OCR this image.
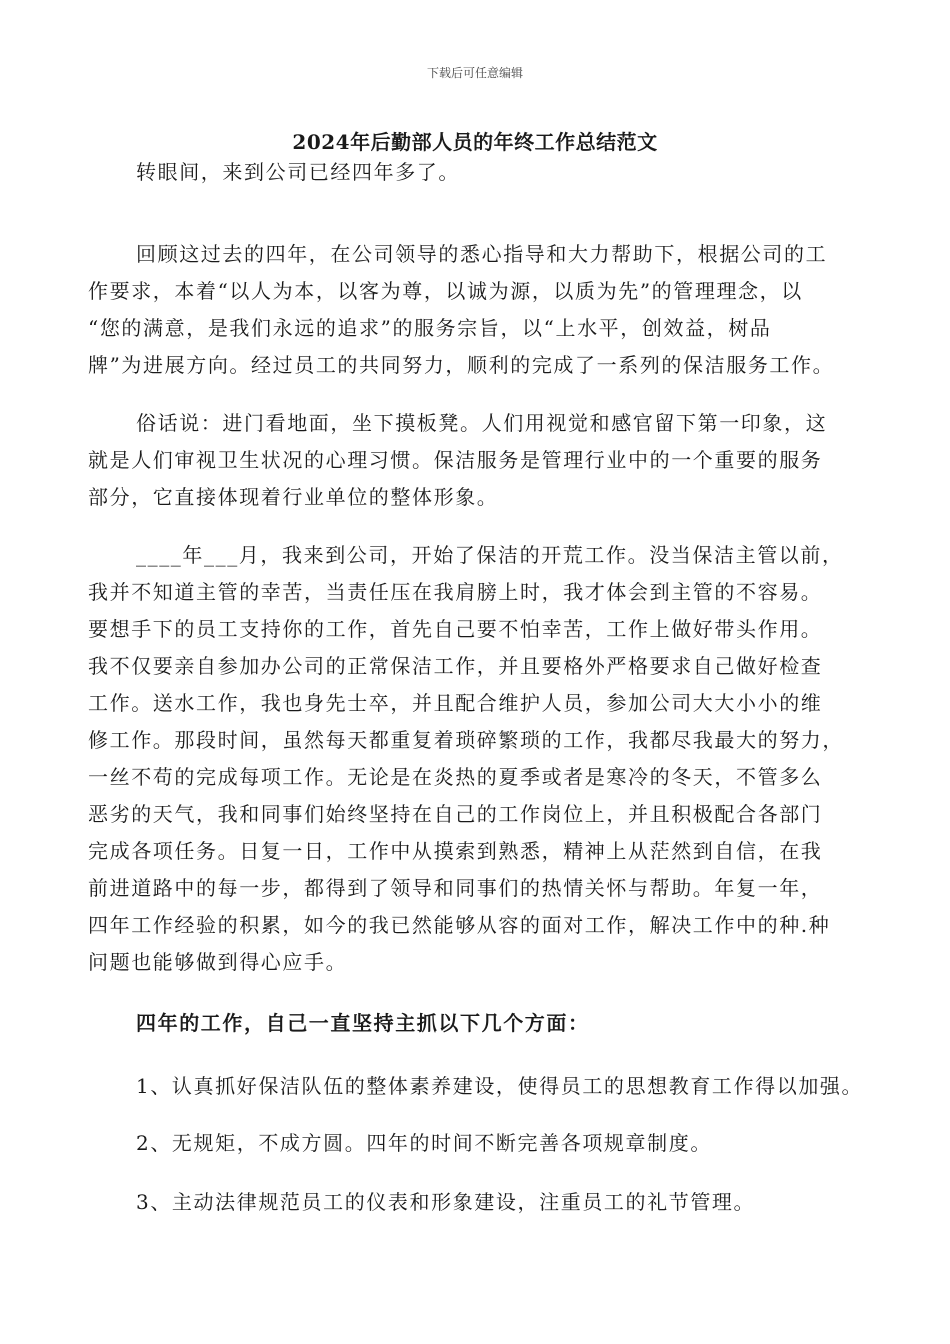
下载后可任意编辑
2024年后勤部人员的年终工作总结范文
转眼间，来到公司已经四年多了。
回顾这过去的四年，在公司领导的悉心指导和大力帮助下，根据公司的工
作要求，本着“以人为本，以客为尊，以诚为源，以质为先”的管理理念，以
“您的满意，是我们永远的追求”的服务宗旨，以“上水平，创效益，树品
牌”为进展方向。经过员工的共同努力，顺利的完成了一系列的保洁服务工作。
俗话说：进门看地面，坐下摸板凳。人们用视觉和感官留下第一印象，这
就是人们审视卫生状况的心理习惯。保洁服务是管理行业中的一个重要的服务
部分，它直接体现着行业单位的整体形象。
____年___月，我来到公司，开始了保洁的开荒工作。没当保洁主管以前，
我并不知道主管的幸苦，当责任压在我肩膀上时，我才体会到主管的不容易。
要想手下的员工支持你的工作，首先自己要不怕幸苦，工作上做好带头作用。
我不仅要亲自参加办公司的正常保洁工作，并且要格外严格要求自己做好检查
工作。送水工作，我也身先士卒，并且配合维护人员，参加公司大大小小的维
修工作。那段时间，虽然每天都重复着琐碎繁琐的工作，我都尽我最大的努力，
一丝不苟的完成每项工作。无论是在炎热的夏季或者是寒冷的冬天，不管多么
恶劣的天气，我和同事们始终坚持在自己的工作岗位上，并且积极配合各部门
完成各项任务。日复一日，工作中从摸索到熟悉，精神上从茫然到自信，在我
前进道路中的每一步，都得到了领导和同事们的热情关怀与帮助。年复一年，
四年工作经验的积累，如今的我已然能够从容的面对工作，解决工作中的种.种
问题也能够做到得心应手。
四年的工作，自己一直坚持主抓以下几个方面：
1、认真抓好保洁队伍的整体素养建设，使得员工的思想教育工作得以加强。
2、无规矩，不成方圆。四年的时间不断完善各项规章制度。
3、主动法律规范员工的仪表和形象建设，注重员工的礼节管理。
